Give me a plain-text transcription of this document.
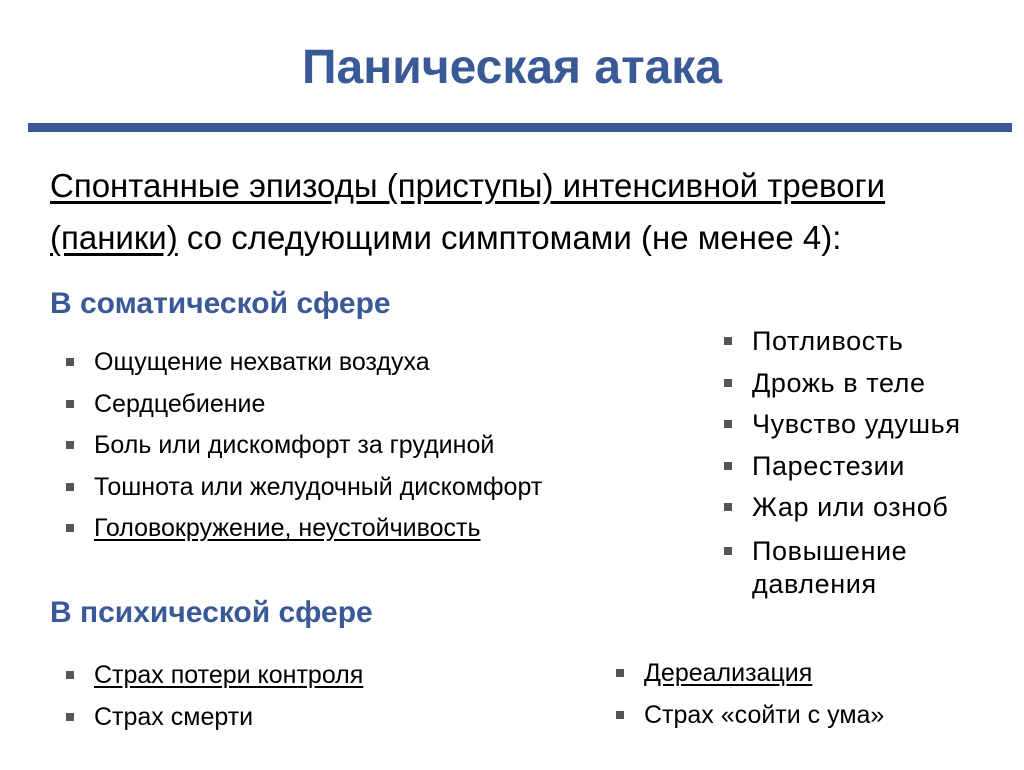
Паническая атака

Спонтанные эпизоды (приступы) интенсивной тревоги
(паники) со следующими симптомами (не менее 4):

В соматической сфере
Ощущение нехватки воздуха
Сердцебиение
Боль или дискомфорт за грудиной
Тошнота или желудочный дискомфорт
Головокружение, неустойчивость
Потливость
Дрожь в теле
Чувство удушья
Парестезии
Жар или озноб
Повышение давления
В психической сфере
Страх потери контроля
Страх смерти
Дереализация
Страх «сойти с ума»
